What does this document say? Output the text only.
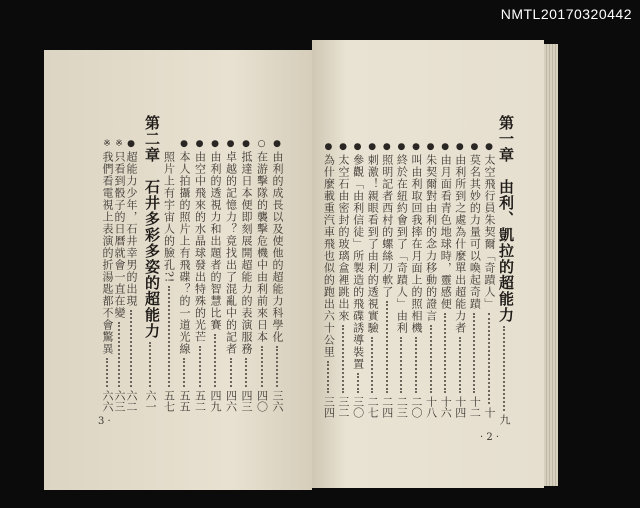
NMTL20170320442
第一章　由利、凱拉的超能力
九
●
太空飛行員朱契爾「奇蹟人」
十
●
莫名其妙的力量可以喚起奇蹟
十二
●
由利所到之處為什麼單出超能力者
十四
●
由月面看青色地球時，靈感便
十六
●
朱契爾對由利的念力移動的證言
十八
●
叫由利取回我摔在月面上的照相機
二〇
●
終於在紐約會到了「奇蹟人」由利
二三
●
照明記者西村的螺絲刀軟了
二四
●
刺激！親眼看到了由利的透視實驗
二七
●
參觀「由利信徒」所製造的飛碟誘導裝置
三〇
●
太空石由密封的玻璃盒裡跳出來
三二
●
為什麼載重汽車飛也似的跑出六十公里
三四
●
由利的成長以及使他的超能力科學化
三六
○
在游擊隊的襲擊危機中由利前來日本
四〇
●
抵達日本便即刻展開超能力的表演服務
四三
●
卓越的記憶力？竟找出了混亂中的記者
四六
●
由利的透視力和出題者的智慧比賽
四九
●
由空中飛來的水晶球發出特殊的光芒
五二
●
本人拍攝的照片上有飛碟？的一道光線
五五
照片上有宇宙人的臉孔?!
五七
第二章　石井多彩多姿的超能力
六一
●
超能力少年，石井幸男的出現
六二
※
只看到骰子的日曆就會一直在變
六三
※
我們看電視上表演的折湯匙都不會驚異
六六
· 2 ·
3 ·
